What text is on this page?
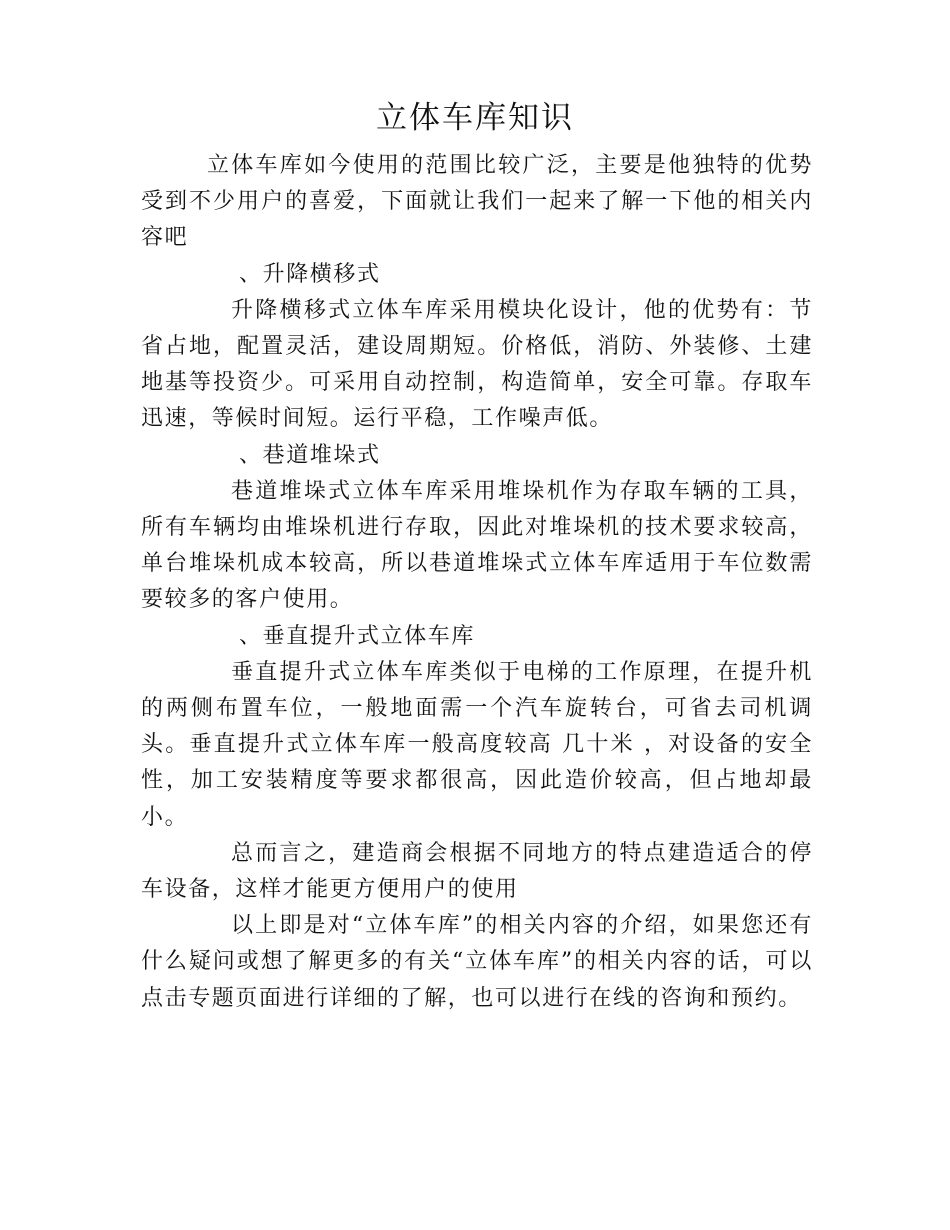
立体车库知识

立体车库如今使用的范围比较广泛，主要是他独特的优势受到不少用户的喜爱，下面就让我们一起来了解一下他的相关内容吧

、升降横移式

升降横移式立体车库采用模块化设计，他的优势有：节省占地，配置灵活，建设周期短。价格低，消防、外装修、土建地基等投资少。可采用自动控制，构造简单，安全可靠。存取车迅速，等候时间短。运行平稳，工作噪声低。

、巷道堆垛式

巷道堆垛式立体车库采用堆垛机作为存取车辆的工具，所有车辆均由堆垛机进行存取，因此对堆垛机的技术要求较高，单台堆垛机成本较高，所以巷道堆垛式立体车库适用于车位数需要较多的客户使用。

、垂直提升式立体车库

垂直提升式立体车库类似于电梯的工作原理，在提升机的两侧布置车位，一般地面需一个汽车旋转台，可省去司机调头。垂直提升式立体车库一般高度较高 几十米 ，对设备的安全性，加工安装精度等要求都很高，因此造价较高，但占地却最小。

总而言之，建造商会根据不同地方的特点建造适合的停车设备，这样才能更方便用户的使用

以上即是对“立体车库”的相关内容的介绍，如果您还有什么疑问或想了解更多的有关“立体车库”的相关内容的话，可以点击专题页面进行详细的了解，也可以进行在线的咨询和预约。
